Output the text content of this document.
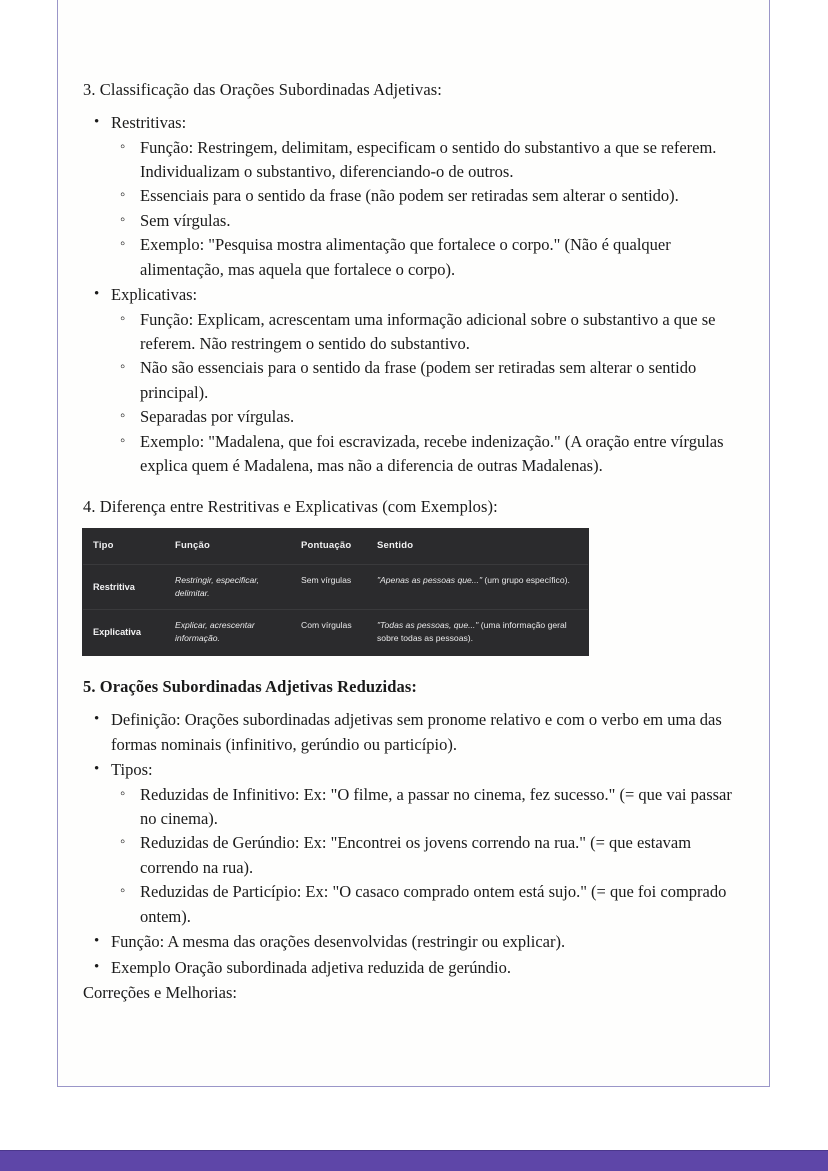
3. Classificação das Orações Subordinadas Adjetivas:

• Restritivas:
◦ Função: Restringem, delimitam, especificam o sentido do substantivo a que se referem. Individualizam o substantivo, diferenciando-o de outros.
◦ Essenciais para o sentido da frase (não podem ser retiradas sem alterar o sentido).
◦ Sem vírgulas.
◦ Exemplo: "Pesquisa mostra alimentação que fortalece o corpo." (Não é qualquer alimentação, mas aquela que fortalece o corpo).
• Explicativas:
◦ Função: Explicam, acrescentam uma informação adicional sobre o substantivo a que se referem. Não restringem o sentido do substantivo.
◦ Não são essenciais para o sentido da frase (podem ser retiradas sem alterar o sentido principal).
◦ Separadas por vírgulas.
◦ Exemplo: "Madalena, que foi escravizada, recebe indenização." (A oração entre vírgulas explica quem é Madalena, mas não a diferencia de outras Madalenas).

4. Diferença entre Restritivas e Explicativas (com Exemplos):

Tipo	Função	Pontuação	Sentido
Restritiva	Restringir, especificar, delimitar.	Sem vírgulas	"Apenas as pessoas que..." (um grupo específico).
Explicativa	Explicar, acrescentar informação.	Com vírgulas	"Todas as pessoas, que..." (uma informação geral sobre todas as pessoas).

5. Orações Subordinadas Adjetivas Reduzidas:

• Definição: Orações subordinadas adjetivas sem pronome relativo e com o verbo em uma das formas nominais (infinitivo, gerúndio ou particípio).
• Tipos:
◦ Reduzidas de Infinitivo: Ex: "O filme, a passar no cinema, fez sucesso." (= que vai passar no cinema).
◦ Reduzidas de Gerúndio: Ex: "Encontrei os jovens correndo na rua." (= que estavam correndo na rua).
◦ Reduzidas de Particípio: Ex: "O casaco comprado ontem está sujo." (= que foi comprado ontem).
• Função: A mesma das orações desenvolvidas (restringir ou explicar).
• Exemplo Oração subordinada adjetiva reduzida de gerúndio.

Correções e Melhorias:
